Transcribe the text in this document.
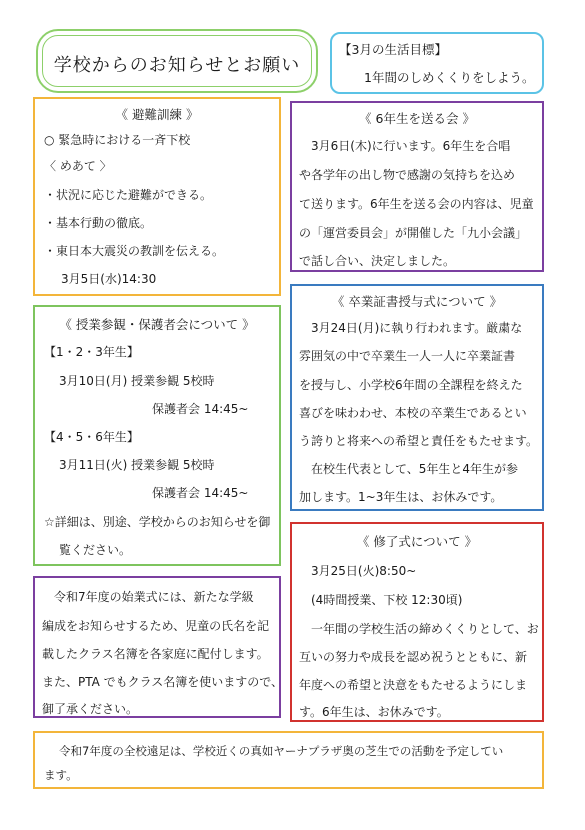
学校からのお知らせとお願い
【3月の生活目標】
1年間のしめくくりをしよう。
《 避難訓練 》
○ 緊急時における一斉下校
〈 めあて 〉
・状況に応じた避難ができる。
・基本行動の徹底。
・東日本大震災の教訓を伝える。
3月5日(水)14:30
《 6年生を送る会 》
3月6日(木)に行います。6年生を合唱
や各学年の出し物で感謝の気持ちを込め
て送ります。6年生を送る会の内容は、児童
の「運営委員会」が開催した「九小会議」
で話し合い、決定しました。
《 授業参観・保護者会について 》
【1・2・3年生】
3月10日(月) 授業参観 5校時
保護者会 14:45~
【4・5・6年生】
3月11日(火) 授業参観 5校時
保護者会 14:45~
☆詳細は、別途、学校からのお知らせを御
覧ください。
《 卒業証書授与式について 》
3月24日(月)に執り行われます。厳粛な
雰囲気の中で卒業生一人一人に卒業証書
を授与し、小学校6年間の全課程を終えた
喜びを味わわせ、本校の卒業生であるとい
う誇りと将来への希望と責任をもたせます。
在校生代表として、5年生と4年生が参
加します。1~3年生は、お休みです。
令和7年度の始業式には、新たな学級
編成をお知らせするため、児童の氏名を記
載したクラス名簿を各家庭に配付します。
また、PTA でもクラス名簿を使いますので、
御了承ください。
《 修了式について 》
3月25日(火)8:50~
(4時間授業、下校 12:30頃)
一年間の学校生活の締めくくりとして、お
互いの努力や成長を認め祝うとともに、新
年度への希望と決意をもたせるようにしま
す。6年生は、お休みです。
令和7年度の全校遠足は、学校近くの真如ヤーナプラザ奥の芝生での活動を予定してい
ます。
